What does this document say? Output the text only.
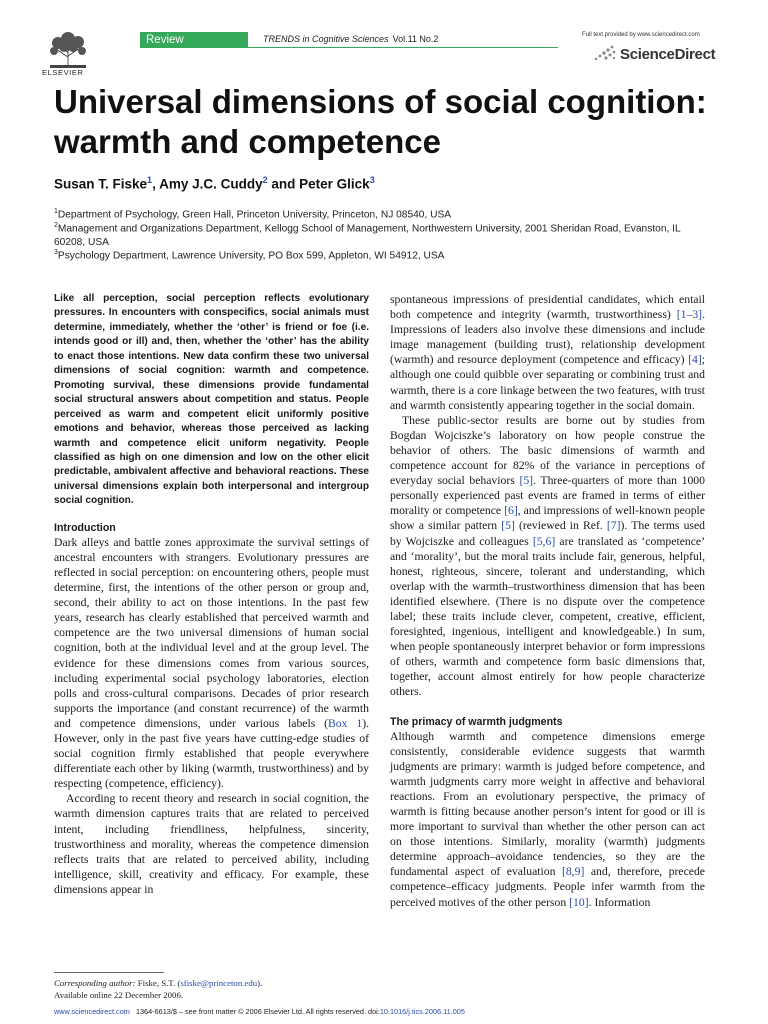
ELSEVIER
Review	TRENDS in Cognitive Sciences Vol.11 No.2	Full text provided by www.sciencedirect.com
ScienceDirect
Universal dimensions of social cognition: warmth and competence
Susan T. Fiske$^1$, Amy J.C. Cuddy$^2$ and Peter Glick$^3$
$^1$Department of Psychology, Green Hall, Princeton University, Princeton, NJ 08540, USA
$^2$Management and Organizations Department, Kellogg School of Management, Northwestern University, 2001 Sheridan Road, Evanston, IL 60208, USA
$^3$Psychology Department, Lawrence University, PO Box 599, Appleton, WI 54912, USA

Like all perception, social perception reflects evolutionary pressures. In encounters with conspecifics, social animals must determine, immediately, whether the ‘other’ is friend or foe (i.e. intends good or ill) and, then, whether the ‘other’ has the ability to enact those intentions. New data confirm these two universal dimensions of social cognition: warmth and competence. Promoting survival, these dimensions provide fundamental social structural answers about competition and status. People perceived as warm and competent elicit uniformly positive emotions and behavior, whereas those perceived as lacking warmth and competence elicit uniform negativity. People classified as high on one dimension and low on the other elicit predictable, ambivalent affective and behavioral reactions. These universal dimensions explain both interpersonal and intergroup social cognition.

Introduction

Dark alleys and battle zones approximate the survival settings of ancestral encounters with strangers. Evolutionary pressures are reflected in social perception: on encountering others, people must determine, first, the intentions of the other person or group and, second, their ability to act on those intentions. In the past few years, research has clearly established that perceived warmth and competence are the two universal dimensions of human social cognition, both at the individual level and at the group level. The evidence for these dimensions comes from various sources, including experimental social psychology laboratories, election polls and cross-cultural comparisons. Decades of prior research supports the importance (and constant recurrence) of the warmth and competence dimensions, under various labels (Box 1). However, only in the past five years have cutting-edge studies of social cognition firmly established that people everywhere differentiate each other by liking (warmth, trustworthiness) and by respecting (competence, efficiency).

According to recent theory and research in social cognition, the warmth dimension captures traits that are related to perceived intent, including friendliness, helpfulness, sincerity, trustworthiness and morality, whereas the competence dimension reflects traits that are related to perceived ability, including intelligence, skill, creativity and efficacy. For example, these dimensions appear in

Corresponding author: Fiske, S.T. (sfiske@princeton.edu).
Available online 22 December 2006.

spontaneous impressions of presidential candidates, which entail both competence and integrity (warmth, trustworthiness) [1–3]. Impressions of leaders also involve these dimensions and include image management (building trust), relationship development (warmth) and resource deployment (competence and efficacy) [4]; although one could quibble over separating or combining trust and warmth, there is a core linkage between the two features, with trust and warmth consistently appearing together in the social domain.

These public-sector results are borne out by studies from Bogdan Wojciszke’s laboratory on how people construe the behavior of others. The basic dimensions of warmth and competence account for 82% of the variance in perceptions of everyday social behaviors [5]. Three-quarters of more than 1000 personally experienced past events are framed in terms of either morality or competence [6], and impressions of well-known people show a similar pattern [5] (reviewed in Ref. [7]). The terms used by Wojciszke and colleagues [5,6] are translated as ‘competence’ and ‘morality’, but the moral traits include fair, generous, helpful, honest, righteous, sincere, tolerant and understanding, which overlap with the warmth–trustworthiness dimension that has been identified elsewhere. (There is no dispute over the competence label; these traits include clever, competent, creative, efficient, foresighted, ingenious, intelligent and knowledgeable.) In sum, when people spontaneously interpret behavior or form impressions of others, warmth and competence form basic dimensions that, together, account almost entirely for how people characterize others.

The primacy of warmth judgments

Although warmth and competence dimensions emerge consistently, considerable evidence suggests that warmth judgments are primary: warmth is judged before competence, and warmth judgments carry more weight in affective and behavioral reactions. From an evolutionary perspective, the primacy of warmth is fitting because another person’s intent for good or ill is more important to survival than whether the other person can act on those intentions. Similarly, morality (warmth) judgments determine approach–avoidance tendencies, so they are the fundamental aspect of evaluation [8,9] and, therefore, precede competence–efficacy judgments. People infer warmth from the perceived motives of the other person [10]. Information

www.sciencedirect.com 1364-6613/$ – see front matter © 2006 Elsevier Ltd. All rights reserved. doi:10.1016/j.tics.2006.11.005
